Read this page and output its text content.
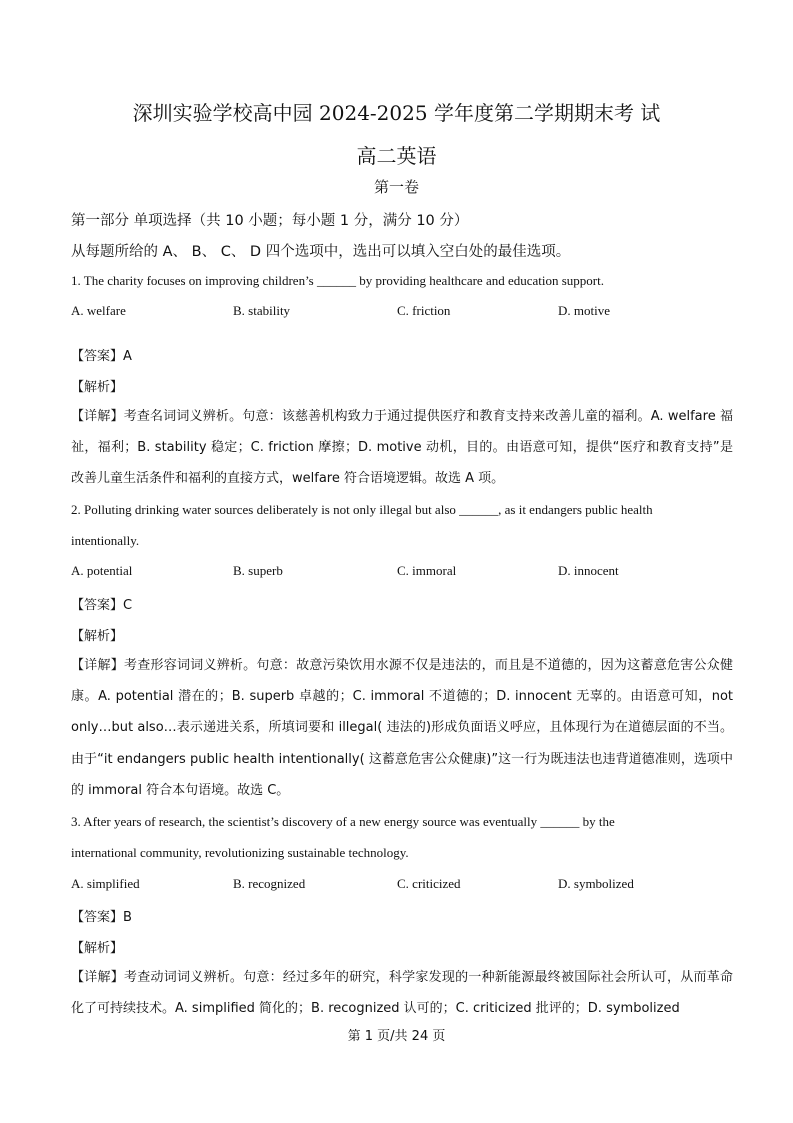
深圳实验学校高中园 2024-2025 学年度第二学期期末考 试
高二英语
第一卷
第一部分 单项选择（共 10 小题；每小题 1 分，满分 10 分）
从每题所给的 A、 B、 C、 D 四个选项中，选出可以填入空白处的最佳选项。
1. The charity focuses on improving children’s ______ by providing healthcare and education support.
A. welfare	B. stability	C. friction	D. motive
【答案】A
【解析】
【详解】考查名词词义辨析。句意：该慈善机构致力于通过提供医疗和教育支持来改善儿童的福利。A. welfare 福祉，福利；B. stability 稳定；C. friction 摩擦；D. motive 动机，目的。由语意可知，提供“医疗和教育支持”是改善儿童生活条件和福利的直接方式，welfare 符合语境逻辑。故选 A 项。
2. Polluting drinking water sources deliberately is not only illegal but also ______, as it endangers public health
intentionally.
A. potential	B. superb	C. immoral	D. innocent
【答案】C
【解析】
【详解】考查形容词词义辨析。句意：故意污染饮用水源不仅是违法的，而且是不道德的，因为这蓄意危害公众健康。A. potential 潜在的；B. superb 卓越的；C. immoral 不道德的；D. innocent 无辜的。由语意可知，not only…but also…表示递进关系，所填词要和 illegal( 违法的)形成负面语义呼应，且体现行为在道德层面的不当。由于“it endangers public health intentionally( 这蓄意危害公众健康)”这一行为既违法也违背道德准则，选项中的 immoral 符合本句语境。故选 C。
3. After years of research, the scientist’s discovery of a new energy source was eventually ______ by the
international community, revolutionizing sustainable technology.
A. simplified	B. recognized	C. criticized	D. symbolized
【答案】B
【解析】
【详解】考查动词词义辨析。句意：经过多年的研究，科学家发现的一种新能源最终被国际社会所认可，从而革命化了可持续技术。A. simplified 简化的；B. recognized 认可的；C. criticized 批评的；D. symbolized
第 1 页/共 24 页
